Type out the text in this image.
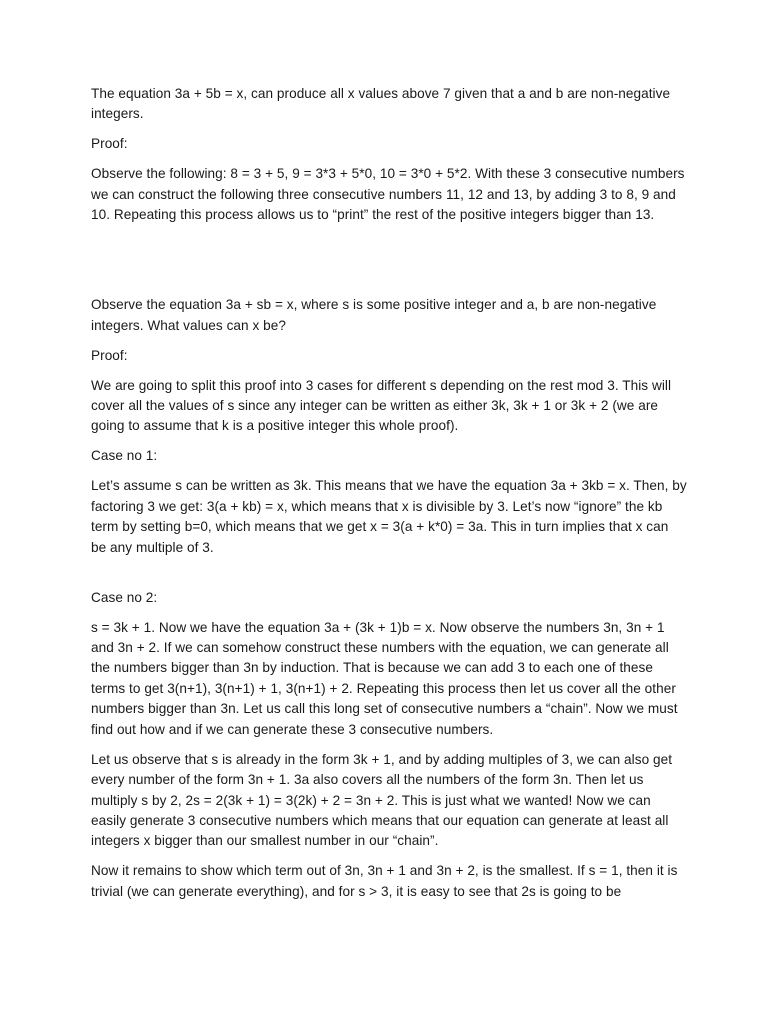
The equation 3a + 5b = x, can produce all x values above 7 given that a and b are non-negative integers.

Proof:

Observe the following: 8 = 3 + 5, 9 = 3*3 + 5*0, 10 = 3*0 + 5*2. With these 3 consecutive numbers we can construct the following three consecutive numbers 11, 12 and 13, by adding 3 to 8, 9 and 10. Repeating this process allows us to “print” the rest of the positive integers bigger than 13.

Observe the equation 3a + sb = x, where s is some positive integer and a, b are non-negative integers. What values can x be?

Proof:

We are going to split this proof into 3 cases for different s depending on the rest mod 3. This will cover all the values of s since any integer can be written as either 3k, 3k + 1 or 3k + 2 (we are going to assume that k is a positive integer this whole proof).

Case no 1:

Let’s assume s can be written as 3k. This means that we have the equation 3a + 3kb = x. Then, by factoring 3 we get: 3(a + kb) = x, which means that x is divisible by 3. Let’s now “ignore” the kb term by setting b=0, which means that we get x = 3(a + k*0) = 3a. This in turn implies that x can be any multiple of 3.

Case no 2:

s = 3k + 1. Now we have the equation 3a + (3k + 1)b = x. Now observe the numbers 3n, 3n + 1 and 3n + 2. If we can somehow construct these numbers with the equation, we can generate all the numbers bigger than 3n by induction. That is because we can add 3 to each one of these terms to get 3(n+1), 3(n+1) + 1, 3(n+1) + 2. Repeating this process then let us cover all the other numbers bigger than 3n. Let us call this long set of consecutive numbers a “chain”. Now we must find out how and if we can generate these 3 consecutive numbers.

Let us observe that s is already in the form 3k + 1, and by adding multiples of 3, we can also get every number of the form 3n + 1. 3a also covers all the numbers of the form 3n. Then let us multiply s by 2, 2s = 2(3k + 1) = 3(2k) + 2 = 3n + 2. This is just what we wanted! Now we can easily generate 3 consecutive numbers which means that our equation can generate at least all integers x bigger than our smallest number in our “chain”.

Now it remains to show which term out of 3n, 3n + 1 and 3n + 2, is the smallest. If s = 1, then it is trivial (we can generate everything), and for s > 3, it is easy to see that 2s is going to be
